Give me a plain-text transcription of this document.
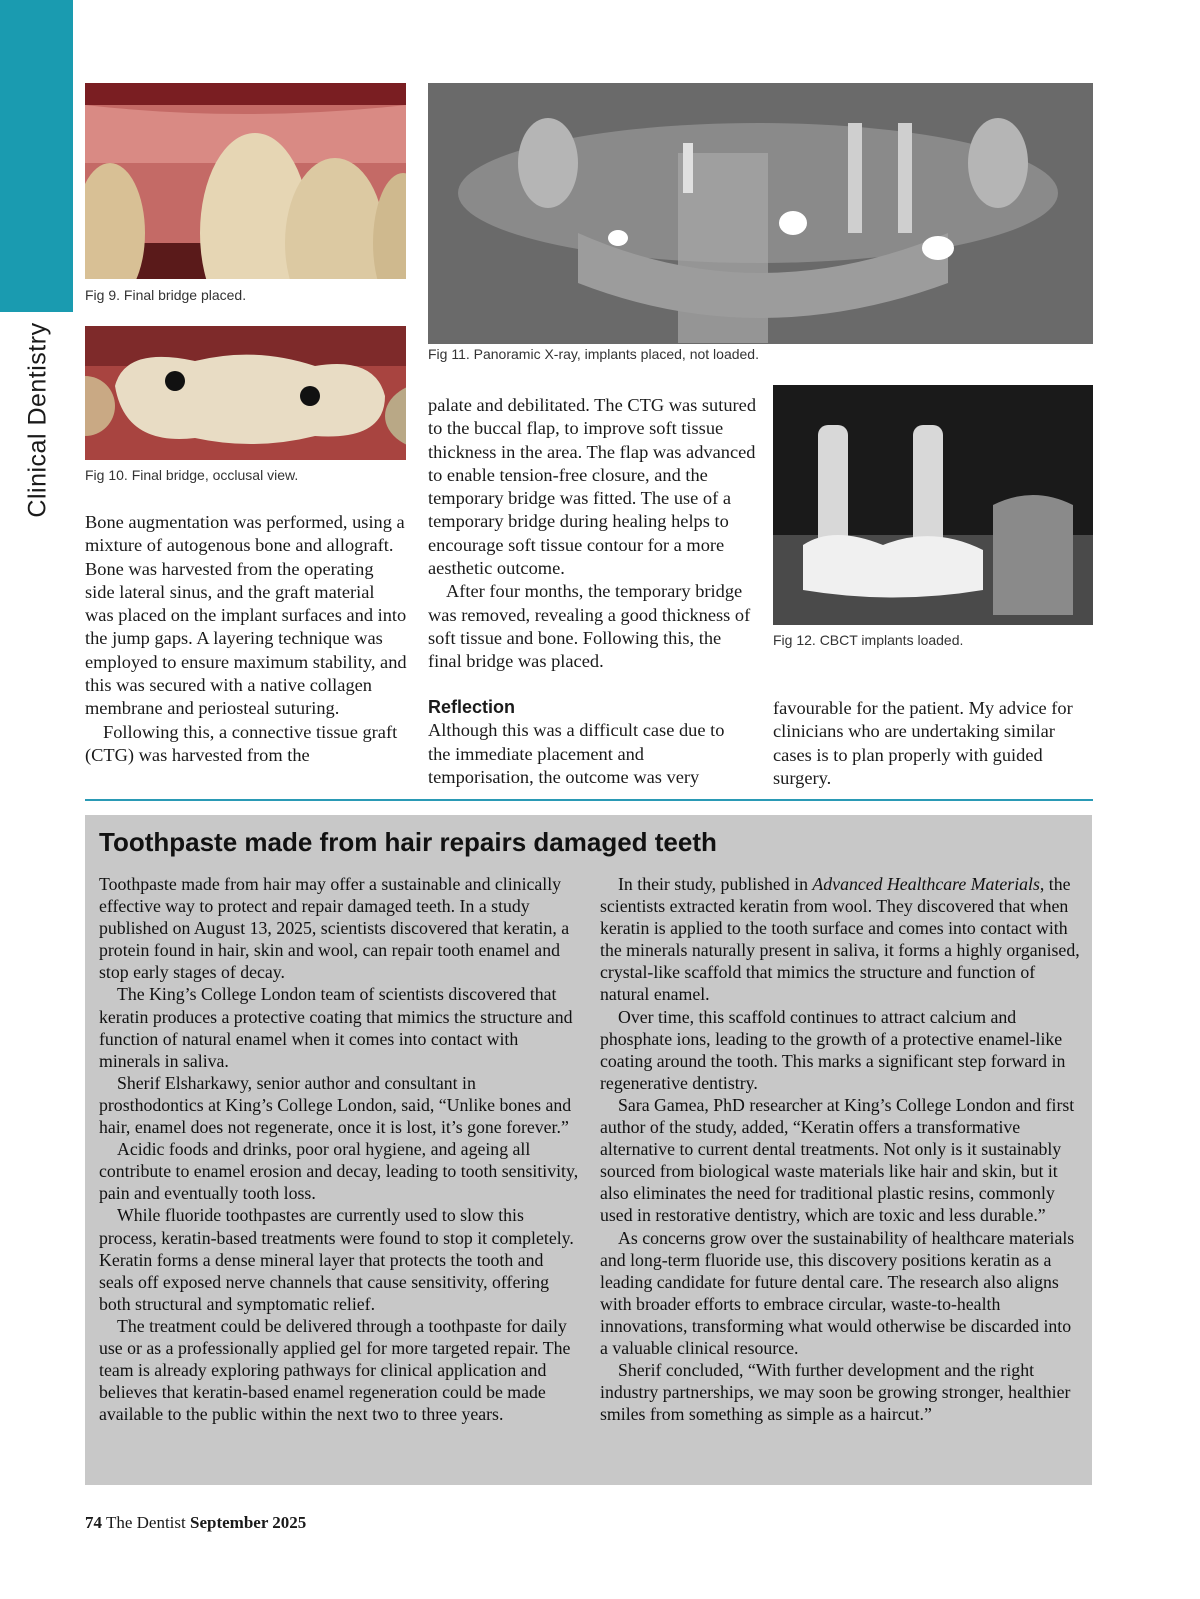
Clinical Dentistry
Fig 9. Final bridge placed.
Fig 10. Final bridge, occlusal view.
Fig 11. Panoramic X-ray, implants placed, not loaded.
Fig 12. CBCT implants loaded.

Bone augmentation was performed, using a mixture of autogenous bone and allograft. Bone was harvested from the operating side lateral sinus, and the graft material was placed on the implant surfaces and into the jump gaps. A layering technique was employed to ensure maximum stability, and this was secured with a native collagen membrane and periosteal suturing.

Following this, a connective tissue graft (CTG) was harvested from the

palate and debilitated. The CTG was sutured to the buccal flap, to improve soft tissue thickness in the area. The flap was advanced to enable tension-free closure, and the temporary bridge was fitted. The use of a temporary bridge during healing helps to encourage soft tissue contour for a more aesthetic outcome.

After four months, the temporary bridge was removed, revealing a good thickness of soft tissue and bone. Following this, the final bridge was placed.

Reflection

Although this was a difficult case due to the immediate placement and temporisation, the outcome was very

favourable for the patient. My advice for clinicians who are undertaking similar cases is to plan properly with guided surgery.

Toothpaste made from hair repairs damaged teeth

Toothpaste made from hair may offer a sustainable and clinically effective way to protect and repair damaged teeth. In a study published on August 13, 2025, scientists discovered that keratin, a protein found in hair, skin and wool, can repair tooth enamel and stop early stages of decay.

The King’s College London team of scientists discovered that keratin produces a protective coating that mimics the structure and function of natural enamel when it comes into contact with minerals in saliva.

Sherif Elsharkawy, senior author and consultant in prosthodontics at King’s College London, said, “Unlike bones and hair, enamel does not regenerate, once it is lost, it’s gone forever.”

Acidic foods and drinks, poor oral hygiene, and ageing all contribute to enamel erosion and decay, leading to tooth sensitivity, pain and eventually tooth loss.

While fluoride toothpastes are currently used to slow this process, keratin-based treatments were found to stop it completely. Keratin forms a dense mineral layer that protects the tooth and seals off exposed nerve channels that cause sensitivity, offering both structural and symptomatic relief.

The treatment could be delivered through a toothpaste for daily use or as a professionally applied gel for more targeted repair. The team is already exploring pathways for clinical application and believes that keratin-based enamel regeneration could be made available to the public within the next two to three years.

In their study, published in Advanced Healthcare Materials, the scientists extracted keratin from wool. They discovered that when keratin is applied to the tooth surface and comes into contact with the minerals naturally present in saliva, it forms a highly organised, crystal-like scaffold that mimics the structure and function of natural enamel.

Over time, this scaffold continues to attract calcium and phosphate ions, leading to the growth of a protective enamel-like coating around the tooth. This marks a significant step forward in regenerative dentistry.

Sara Gamea, PhD researcher at King’s College London and first author of the study, added, “Keratin offers a transformative alternative to current dental treatments. Not only is it sustainably sourced from biological waste materials like hair and skin, but it also eliminates the need for traditional plastic resins, commonly used in restorative dentistry, which are toxic and less durable.”

As concerns grow over the sustainability of healthcare materials and long-term fluoride use, this discovery positions keratin as a leading candidate for future dental care. The research also aligns with broader efforts to embrace circular, waste-to-health innovations, transforming what would otherwise be discarded into a valuable clinical resource.

Sherif concluded, “With further development and the right industry partnerships, we may soon be growing stronger, healthier smiles from something as simple as a haircut.”

74 The Dentist September 2025
